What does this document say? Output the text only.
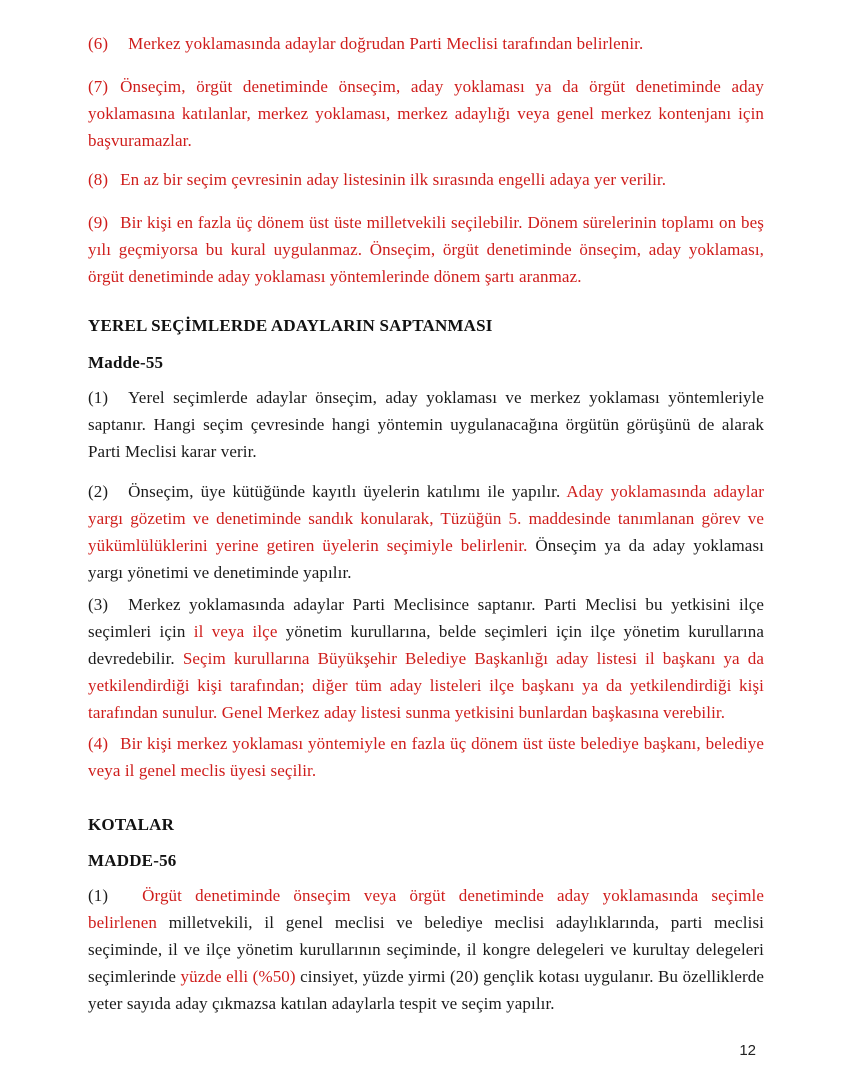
(6) Merkez yoklamasında adaylar doğrudan Parti Meclisi tarafından belirlenir.

(7) Önseçim, örgüt denetiminde önseçim, aday yoklaması ya da örgüt denetiminde aday yoklamasına katılanlar, merkez yoklaması, merkez adaylığı veya genel merkez kontenjanı için başvuramazlar.

(8) En az bir seçim çevresinin aday listesinin ilk sırasında engelli adaya yer verilir.

(9) Bir kişi en fazla üç dönem üst üste milletvekili seçilebilir. Dönem sürelerinin toplamı on beş yılı geçmiyorsa bu kural uygulanmaz. Önseçim, örgüt denetiminde önseçim, aday yoklaması, örgüt denetiminde aday yoklaması yöntemlerinde dönem şartı aranmaz.

YEREL SEÇİMLERDE ADAYLARIN SAPTANMASI
Madde-55

(1) Yerel seçimlerde adaylar önseçim, aday yoklaması ve merkez yoklaması yöntemleriyle saptanır. Hangi seçim çevresinde hangi yöntemin uygulanacağına örgütün görüşünü de alarak Parti Meclisi karar verir.

(2) Önseçim, üye kütüğünde kayıtlı üyelerin katılımı ile yapılır. Aday yoklamasında adaylar yargı gözetim ve denetiminde sandık konularak, Tüzüğün 5. maddesinde tanımlanan görev ve yükümlülüklerini yerine getiren üyelerin seçimiyle belirlenir. Önseçim ya da aday yoklaması yargı yönetimi ve denetiminde yapılır.

(3) Merkez yoklamasında adaylar Parti Meclisince saptanır. Parti Meclisi bu yetkisini ilçe seçimleri için il veya ilçe yönetim kurullarına, belde seçimleri için ilçe yönetim kurullarına devredebilir. Seçim kurullarına Büyükşehir Belediye Başkanlığı aday listesi il başkanı ya da yetkilendirdiği kişi tarafından; diğer tüm aday listeleri ilçe başkanı ya da yetkilendirdiği kişi tarafından sunulur. Genel Merkez aday listesi sunma yetkisini bunlardan başkasına verebilir.

(4) Bir kişi merkez yoklaması yöntemiyle en fazla üç dönem üst üste belediye başkanı, belediye veya il genel meclis üyesi seçilir.

KOTALAR
MADDE-56

(1) Örgüt denetiminde önseçim veya örgüt denetiminde aday yoklamasında seçimle belirlenen milletvekili, il genel meclisi ve belediye meclisi adaylıklarında, parti meclisi seçiminde, il ve ilçe yönetim kurullarının seçiminde, il kongre delegeleri ve kurultay delegeleri seçimlerinde yüzde elli (%50) cinsiyet, yüzde yirmi (20) gençlik kotası uygulanır. Bu özelliklerde yeter sayıda aday çıkmazsa katılan adaylarla tespit ve seçim yapılır.

12
